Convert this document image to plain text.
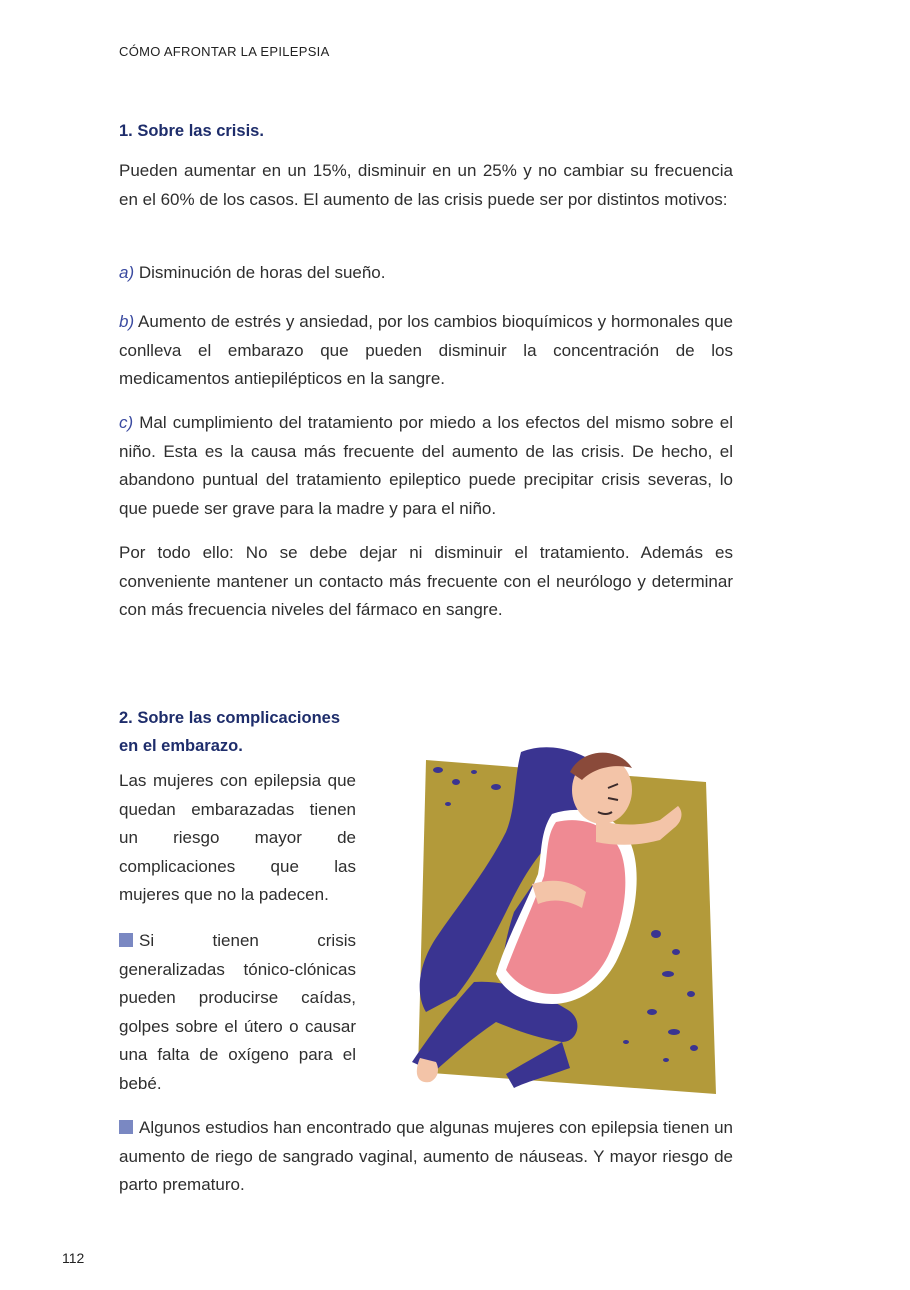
CÓMO AFRONTAR LA EPILEPSIA
1. Sobre las crisis.
Pueden aumentar en un 15%, disminuir en un 25% y no cambiar su frecuencia en el 60% de los casos. El aumento de las crisis puede ser por distintos motivos:
a) Disminución de horas del sueño.
b) Aumento de estrés y ansiedad, por los cambios bioquímicos y hormonales que conlleva el embarazo que pueden disminuir la concentración de los medicamentos antiepilépticos en la sangre.
c) Mal cumplimiento del tratamiento por miedo a los efectos del mismo sobre el niño. Esta es la causa más frecuente del aumento de las crisis. De hecho, el abandono puntual del tratamiento epileptico puede precipitar crisis severas, lo que puede ser grave para la madre y para el niño.
Por todo ello: No se debe dejar ni disminuir el tratamiento. Además es conveniente mantener un contacto más frecuente con el neurólogo y determinar con más frecuencia niveles del fármaco en sangre.
2. Sobre las complicaciones
en el embarazo.
Las mujeres con epilepsia que quedan embarazadas tienen un riesgo mayor de complicaciones que las mujeres que no la padecen.
Si tienen crisis generalizadas tónico-clónicas pueden producirse caídas, golpes sobre el útero o causar una falta de oxígeno para el bebé.
Algunos estudios han encontrado que algunas mujeres con epilepsia tienen un aumento de riego de sangrado vaginal, aumento de náuseas. Y mayor riesgo de parto prematuro.
112
